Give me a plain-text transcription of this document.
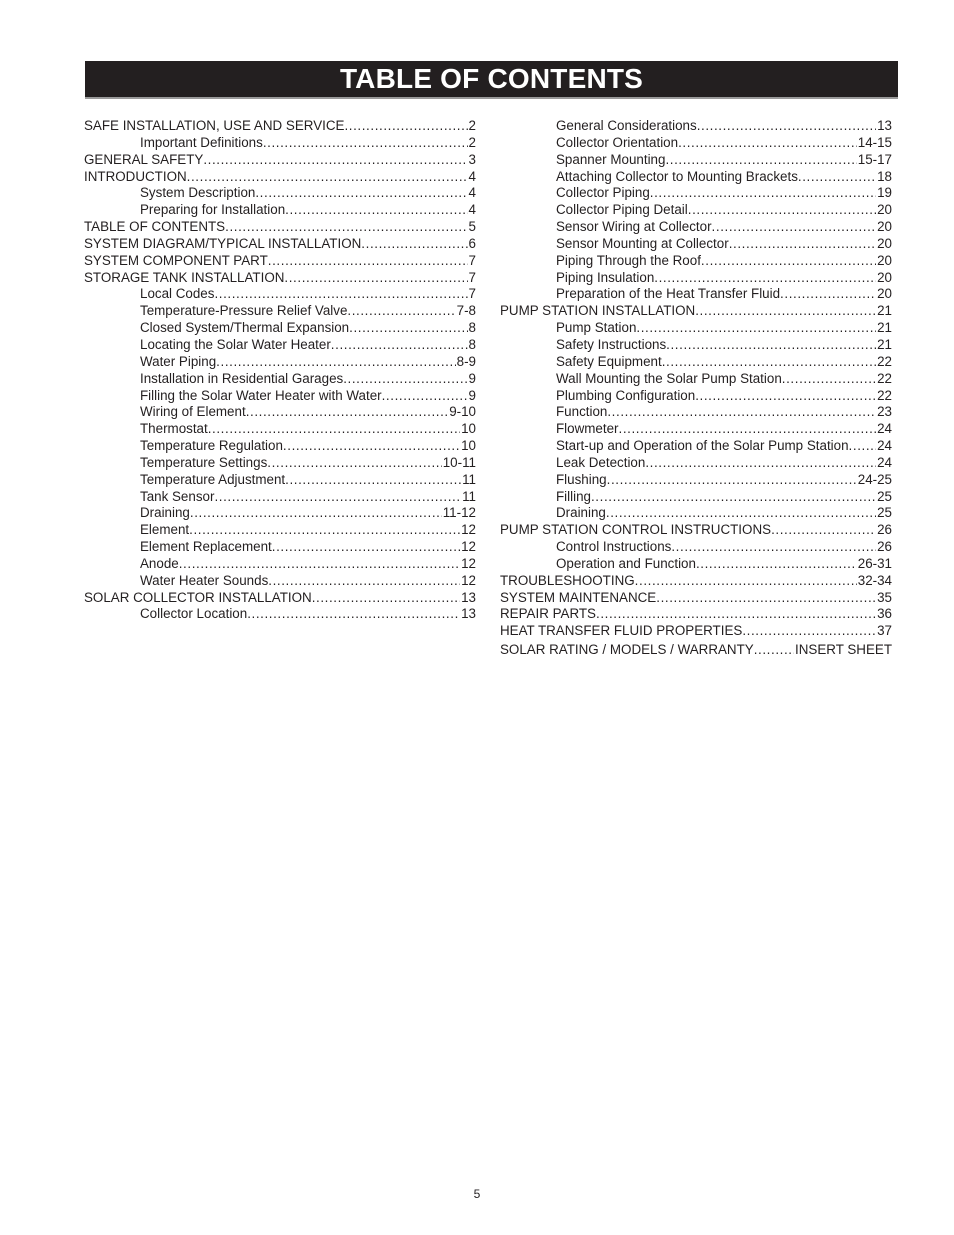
TABLE OF CONTENTS
SAFE INSTALLATION, USE AND SERVICE .....	2
Important Definitions .....	2
GENERAL SAFETY .....	3
INTRODUCTION .....	4
System Description .....	4
Preparing for Installation .....	4
TABLE OF CONTENTS .....	5
SYSTEM DIAGRAM/TYPICAL INSTALLATION .....	6
SYSTEM COMPONENT PART .....	7
STORAGE TANK INSTALLATION .....	7
Local Codes .....	7
Temperature-Pressure Relief Valve .....	7-8
Closed System/Thermal Expansion .....	8
Locating the Solar Water Heater .....	8
Water Piping .....	8-9
Installation in Residential Garages .....	9
Filling the Solar Water Heater with Water .....	9
Wiring of Element .....	9-10
Thermostat .....	10
Temperature Regulation .....	10
Temperature Settings .....	10-11
Temperature Adjustment .....	11
Tank Sensor .....	11
Draining .....	11-12
Element .....	12
Element Replacement .....	12
Anode .....	12
Water Heater Sounds .....	12
SOLAR COLLECTOR INSTALLATION .....	13
Collector Location .....	13
General Considerations .....	13
Collector Orientation .....	14-15
Spanner Mounting .....	15-17
Attaching Collector to Mounting Brackets .....	18
Collector Piping .....	19
Collector Piping Detail .....	20
Sensor Wiring at Collector .....	20
Sensor Mounting at Collector .....	20
Piping Through the Roof .....	20
Piping Insulation .....	20
Preparation of the Heat Transfer Fluid .....	20
PUMP STATION INSTALLATION .....	21
Pump Station .....	21
Safety Instructions .....	21
Safety Equipment .....	22
Wall Mounting the Solar Pump Station .....	22
Plumbing Configuration .....	22
Function .....	23
Flowmeter .....	24
Start-up and Operation of the Solar Pump Station ..... 24
Leak Detection .....	24
Flushing .....	24-25
Filling .....	25
Draining .....	25
PUMP STATION CONTROL INSTRUCTIONS .....	26
Control Instructions .....	26
Operation and Function .....	26-31
TROUBLESHOOTING .....	32-34
SYSTEM MAINTENANCE .....	35
REPAIR PARTS .....	36
HEAT TRANSFER FLUID PROPERTIES .....	37
SOLAR RATING / MODELS / WARRANTY .....	INSERT SHEET
5
